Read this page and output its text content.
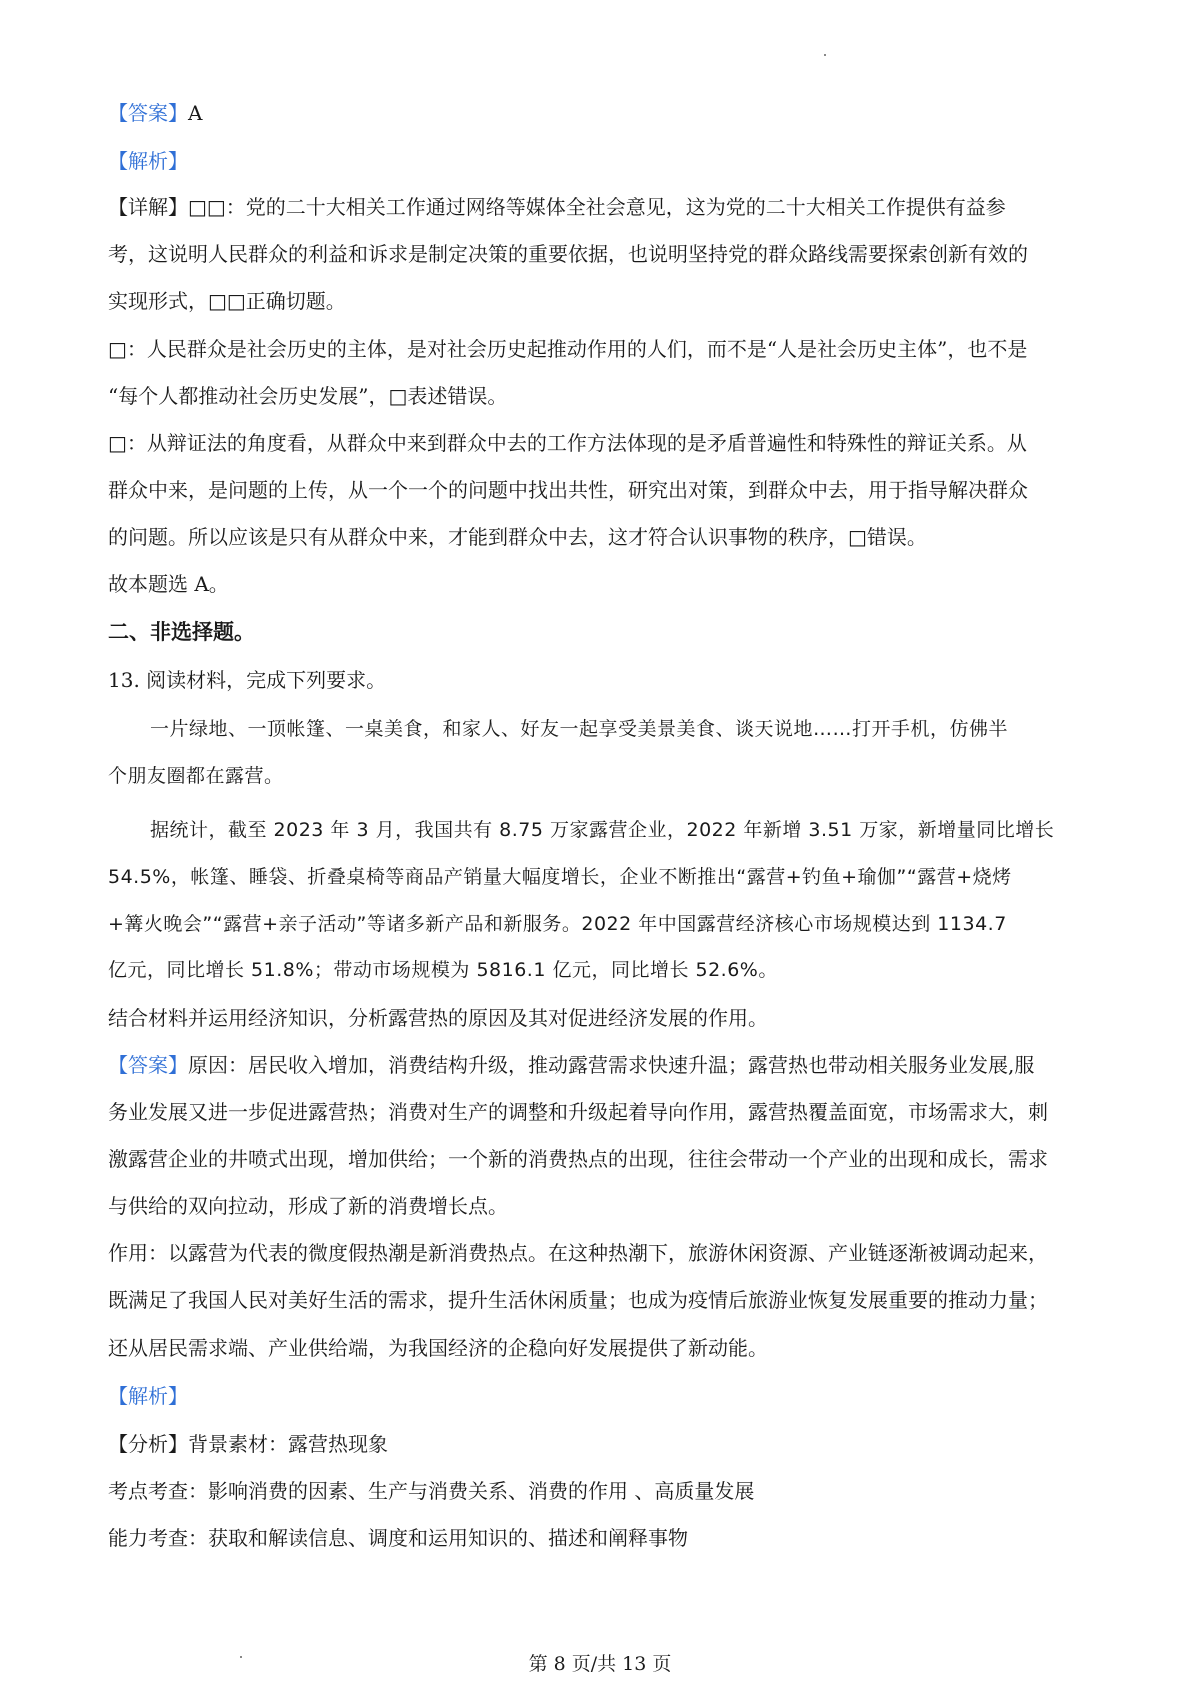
【答案】A
【解析】
【详解】□□：党的二十大相关工作通过网络等媒体全社会意见，这为党的二十大相关工作提供有益参
考，这说明人民群众的利益和诉求是制定决策的重要依据，也说明坚持党的群众路线需要探索创新有效的
实现形式，□□正确切题。
□：人民群众是社会历史的主体，是对社会历史起推动作用的人们，而不是“人是社会历史主体”，也不是
“每个人都推动社会历史发展”，□表述错误。
□：从辩证法的角度看，从群众中来到群众中去的工作方法体现的是矛盾普遍性和特殊性的辩证关系。从
群众中来，是问题的上传，从一个一个的问题中找出共性，研究出对策，到群众中去，用于指导解决群众
的问题。所以应该是只有从群众中来，才能到群众中去，这才符合认识事物的秩序，□错误。
故本题选 A。
二、非选择题。
13. 阅读材料，完成下列要求。
一片绿地、一顶帐篷、一桌美食，和家人、好友一起享受美景美食、谈天说地……打开手机，仿佛半
个朋友圈都在露营。
据统计，截至 2023 年 3 月，我国共有 8.75 万家露营企业，2022 年新增 3.51 万家，新增量同比增长
54.5%，帐篷、睡袋、折叠桌椅等商品产销量大幅度增长，企业不断推出“露营+钓鱼+瑜伽”“露营+烧烤
+篝火晚会”“露营+亲子活动”等诸多新产品和新服务。2022 年中国露营经济核心市场规模达到 1134.7
亿元，同比增长 51.8%；带动市场规模为 5816.1 亿元，同比增长 52.6%。
结合材料并运用经济知识，分析露营热的原因及其对促进经济发展的作用。
【答案】原因：居民收入增加，消费结构升级，推动露营需求快速升温；露营热也带动相关服务业发展,服
务业发展又进一步促进露营热；消费对生产的调整和升级起着导向作用，露营热覆盖面宽，市场需求大，刺
激露营企业的井喷式出现，增加供给；一个新的消费热点的出现，往往会带动一个产业的出现和成长，需求
与供给的双向拉动，形成了新的消费增长点。
作用：以露营为代表的微度假热潮是新消费热点。在这种热潮下，旅游休闲资源、产业链逐渐被调动起来，
既满足了我国人民对美好生活的需求，提升生活休闲质量；也成为疫情后旅游业恢复发展重要的推动力量；
还从居民需求端、产业供给端，为我国经济的企稳向好发展提供了新动能。
【解析】
【分析】背景素材：露营热现象
考点考查：影响消费的因素、生产与消费关系、消费的作用 、高质量发展
能力考查：获取和解读信息、调度和运用知识的、描述和阐释事物
第 8 页/共 13 页
